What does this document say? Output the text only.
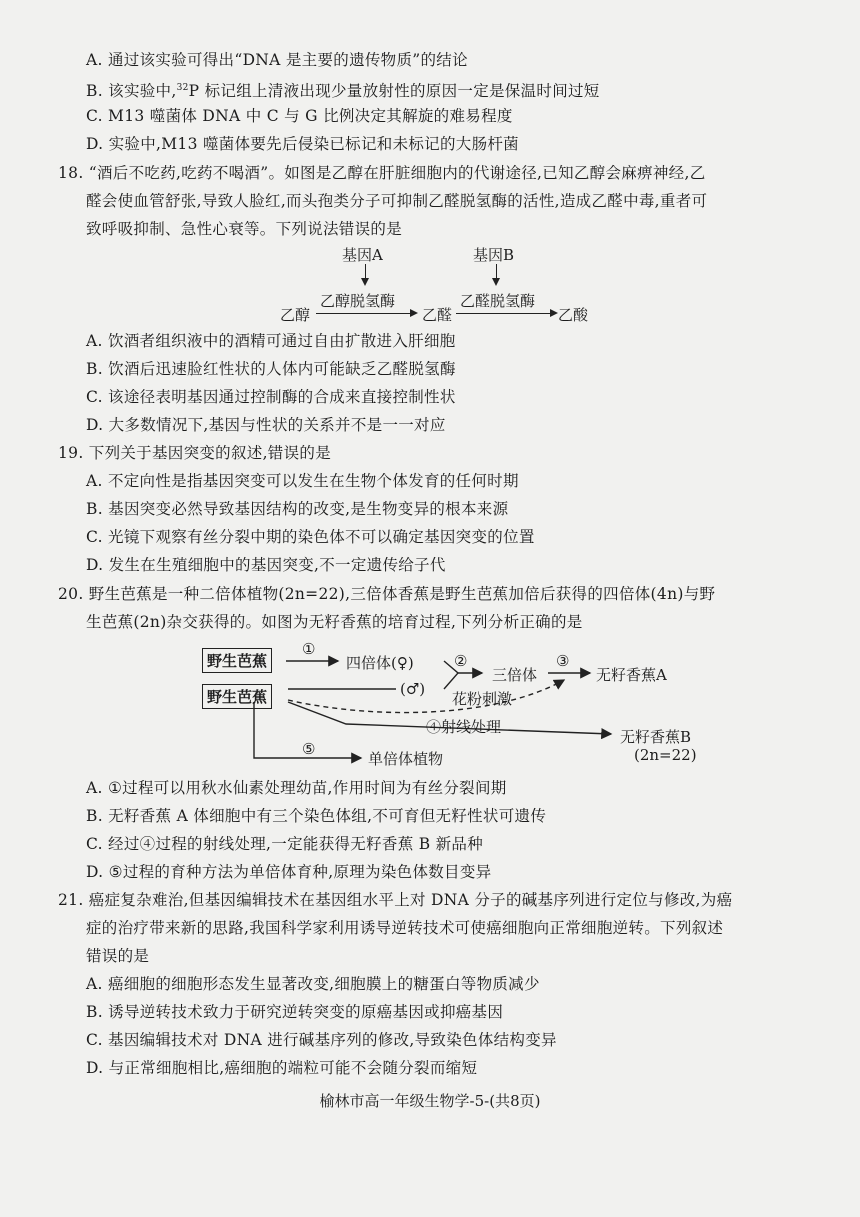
A. 通过该实验可得出“DNA 是主要的遗传物质”的结论
B. 该实验中,$^{32}$P 标记组上清液出现少量放射性的原因一定是保温时间过短
C. M13 噬菌体 DNA 中 C 与 G 比例决定其解旋的难易程度
D. 实验中,M13 噬菌体要先后侵染已标记和未标记的大肠杆菌
18. “酒后不吃药,吃药不喝酒”。如图是乙醇在肝脏细胞内的代谢途径,已知乙醇会麻痹神经,乙
醛会使血管舒张,导致人脸红,而头孢类分子可抑制乙醛脱氢酶的活性,造成乙醛中毒,重者可
致呼吸抑制、急性心衰等。下列说法错误的是
基因A	基因B
乙醇脱氢酶	乙醛脱氢酶
乙醇	乙醛	乙酸
A. 饮酒者组织液中的酒精可通过自由扩散进入肝细胞
B. 饮酒后迅速脸红性状的人体内可能缺乏乙醛脱氢酶
C. 该途径表明基因通过控制酶的合成来直接控制性状
D. 大多数情况下,基因与性状的关系并不是一一对应
19. 下列关于基因突变的叙述,错误的是
A. 不定向性是指基因突变可以发生在生物个体发育的任何时期
B. 基因突变必然导致基因结构的改变,是生物变异的根本来源
C. 光镜下观察有丝分裂中期的染色体不可以确定基因突变的位置
D. 发生在生殖细胞中的基因突变,不一定遗传给子代
20. 野生芭蕉是一种二倍体植物(2n=22),三倍体香蕉是野生芭蕉加倍后获得的四倍体(4n)与野
生芭蕉(2n)杂交获得的。如图为无籽香蕉的培育过程,下列分析正确的是
野生芭蕉
野生芭蕉
①
四倍体(♀)
(♂)
②
三倍体
③
无籽香蕉A
花粉刺激
④射线处理
无籽香蕉B
(2n=22)
⑤
单倍体植物
A. ①过程可以用秋水仙素处理幼苗,作用时间为有丝分裂间期
B. 无籽香蕉 A 体细胞中有三个染色体组,不可育但无籽性状可遗传
C. 经过④过程的射线处理,一定能获得无籽香蕉 B 新品种
D. ⑤过程的育种方法为单倍体育种,原理为染色体数目变异
21. 癌症复杂难治,但基因编辑技术在基因组水平上对 DNA 分子的碱基序列进行定位与修改,为癌
症的治疗带来新的思路,我国科学家利用诱导逆转技术可使癌细胞向正常细胞逆转。下列叙述
错误的是
A. 癌细胞的细胞形态发生显著改变,细胞膜上的糖蛋白等物质减少
B. 诱导逆转技术致力于研究逆转突变的原癌基因或抑癌基因
C. 基因编辑技术对 DNA 进行碱基序列的修改,导致染色体结构变异
D. 与正常细胞相比,癌细胞的端粒可能不会随分裂而缩短
榆林市高一年级生物学-5-(共8页)
